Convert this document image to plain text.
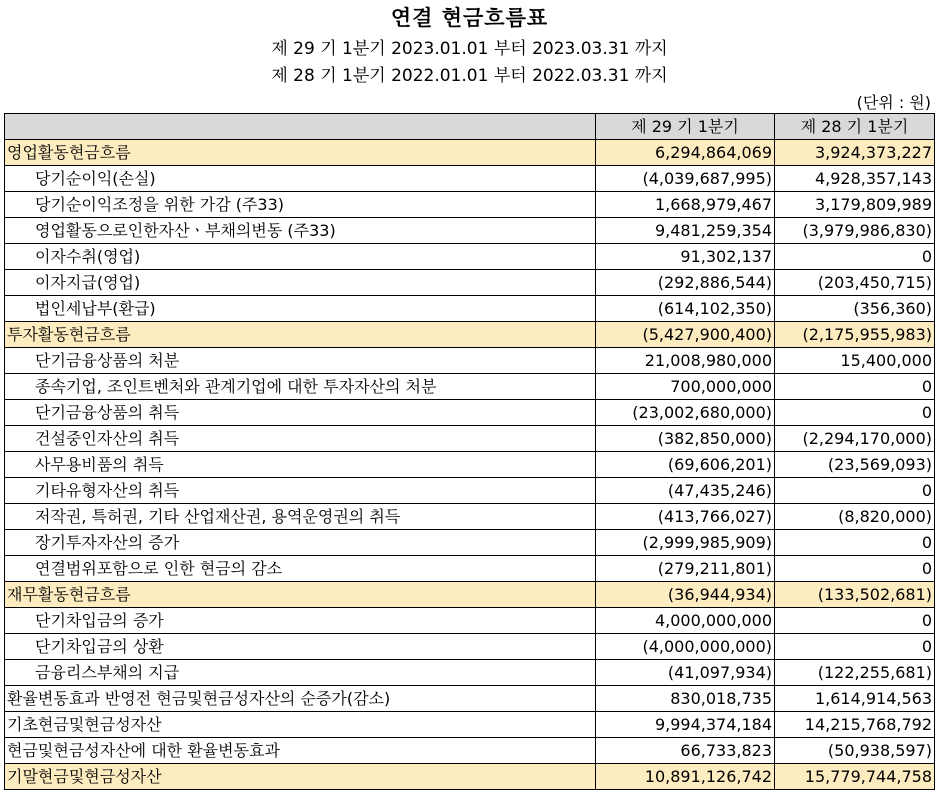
연결 현금흐름표
제 29 기 1분기 2023.01.01 부터 2023.03.31 까지
제 28 기 1분기 2022.01.01 부터 2022.03.31 까지
(단위 : 원)
	제 29 기 1분기	제 28 기 1분기
영업활동현금흐름	6,294,864,069	3,924,373,227
당기순이익(손실)	(4,039,687,995)	4,928,357,143
당기순이익조정을 위한 가감 (주33)	1,668,979,467	3,179,809,989
영업활동으로인한자산ㆍ부채의변동 (주33)	9,481,259,354	(3,979,986,830)
이자수취(영업)	91,302,137	0
이자지급(영업)	(292,886,544)	(203,450,715)
법인세납부(환급)	(614,102,350)	(356,360)
투자활동현금흐름	(5,427,900,400)	(2,175,955,983)
단기금융상품의 처분	21,008,980,000	15,400,000
종속기업, 조인트벤처와 관계기업에 대한 투자자산의 처분	700,000,000	0
단기금융상품의 취득	(23,002,680,000)	0
건설중인자산의 취득	(382,850,000)	(2,294,170,000)
사무용비품의 취득	(69,606,201)	(23,569,093)
기타유형자산의 취득	(47,435,246)	0
저작권, 특허권, 기타 산업재산권, 용역운영권의 취득	(413,766,027)	(8,820,000)
장기투자자산의 증가	(2,999,985,909)	0
연결범위포함으로 인한 현금의 감소	(279,211,801)	0
재무활동현금흐름	(36,944,934)	(133,502,681)
단기차입금의 증가	4,000,000,000	0
단기차입금의 상환	(4,000,000,000)	0
금융리스부채의 지급	(41,097,934)	(122,255,681)
환율변동효과 반영전 현금및현금성자산의 순증가(감소)	830,018,735	1,614,914,563
기초현금및현금성자산	9,994,374,184	14,215,768,792
현금및현금성자산에 대한 환율변동효과	66,733,823	(50,938,597)
기말현금및현금성자산	10,891,126,742	15,779,744,758
